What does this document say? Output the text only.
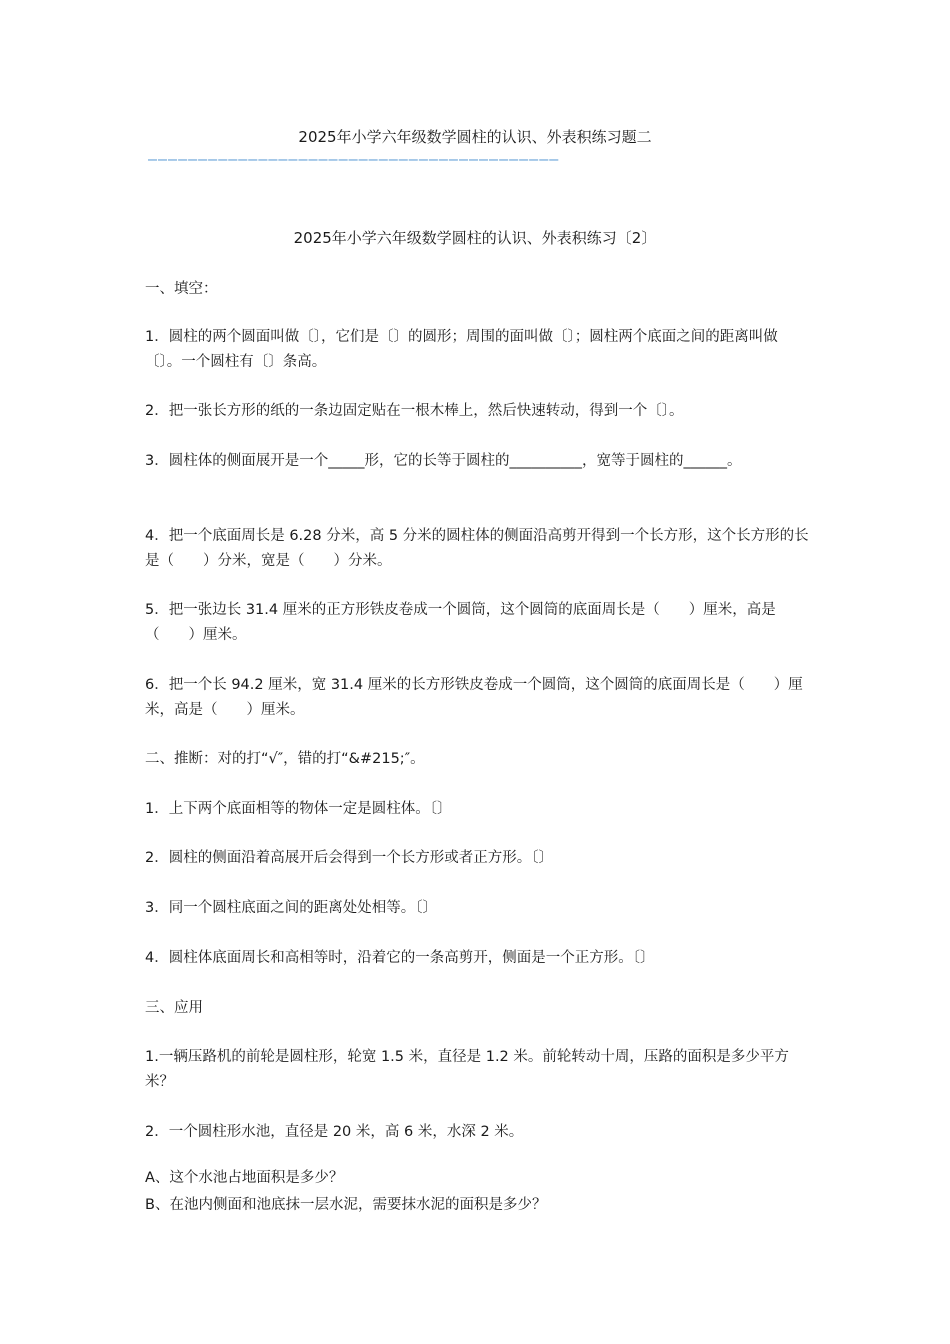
2025年小学六年级数学圆柱的认识、外表积练习题二
—————————————————————————————————————————
2025年小学六年级数学圆柱的认识、外表积练习〔2〕
一、填空：
1．圆柱的两个圆面叫做〔〕，它们是〔〕的圆形；周围的面叫做〔〕；圆柱两个底面之间的距离叫做〔〕。一个圆柱有〔〕条高。
2．把一张长方形的纸的一条边固定贴在一根木棒上，然后快速转动，得到一个〔〕。
3．圆柱体的侧面展开是一个_____形，它的长等于圆柱的__________，宽等于圆柱的______。
4．把一个底面周长是 6.28 分米，高 5 分米的圆柱体的侧面沿高剪开得到一个长方形，这个长方形的长是（　　）分米，宽是（　　）分米。
5．把一张边长 31.4 厘米的正方形铁皮卷成一个圆筒，这个圆筒的底面周长是（　　）厘米，高是（　　）厘米。
6．把一个长 94.2 厘米，宽 31.4 厘米的长方形铁皮卷成一个圆筒，这个圆筒的底面周长是（　　）厘米，高是（　　）厘米。
二、推断：对的打“√″，错的打“&#215;″。
1．上下两个底面相等的物体一定是圆柱体。〔〕
2．圆柱的侧面沿着高展开后会得到一个长方形或者正方形。〔〕
3．同一个圆柱底面之间的距离处处相等。〔〕
4．圆柱体底面周长和高相等时，沿着它的一条高剪开，侧面是一个正方形。〔〕
三、应用
1.一辆压路机的前轮是圆柱形，轮宽 1.5 米，直径是 1.2 米。前轮转动十周，压路的面积是多少平方米？
2．一个圆柱形水池，直径是 20 米，高 6 米，水深 2 米。
A、这个水池占地面积是多少？
B、在池内侧面和池底抹一层水泥，需要抹水泥的面积是多少？
